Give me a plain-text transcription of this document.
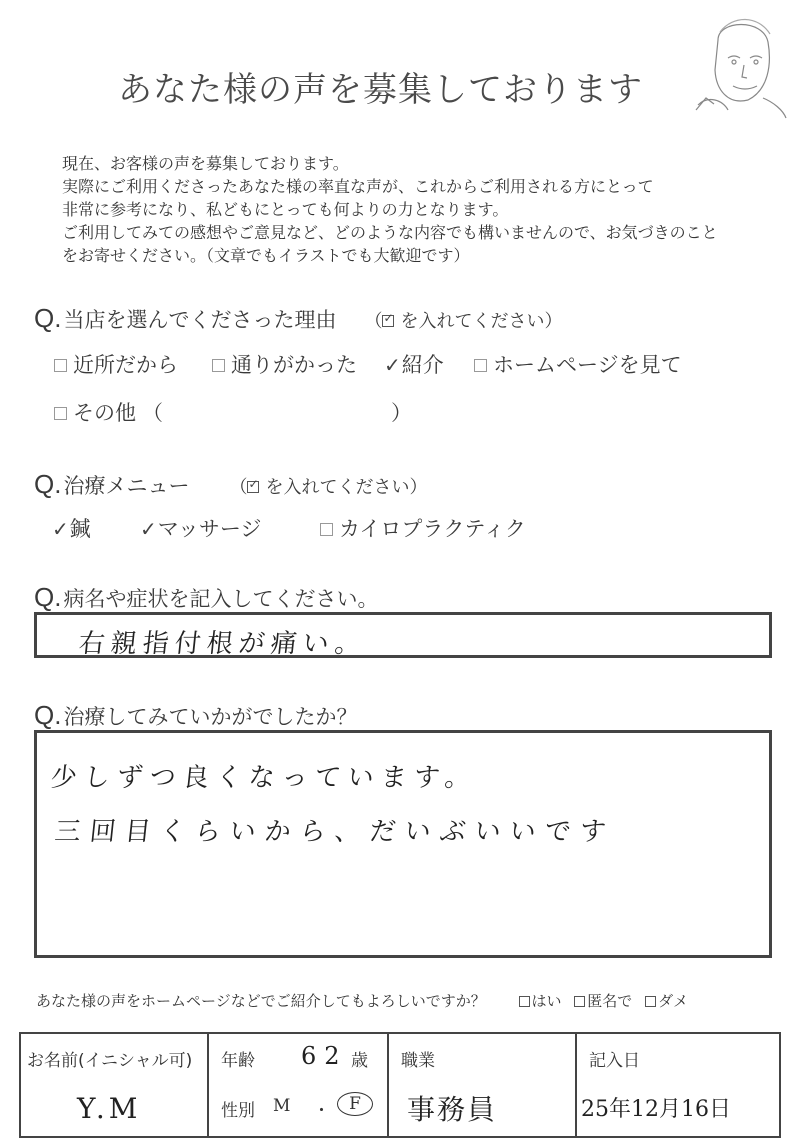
あなた様の声を募集しております
現在、お客様の声を募集しております。
実際にご利用くださったあなた様の率直な声が、これからご利用される方にとって
非常に参考になり、私どもにとっても何よりの力となります。
ご利用してみての感想やご意見など、どのような内容でも構いませんので、お気づきのこと
をお寄せください。（文章でもイラストでも大歓迎です）
Q.当店を選んでくださった理由 （ ✓ を入れてください）
近所だから	通りがかった ✓紹介	ホームページを見て
その他 （	）
Q.治療メニュー （ ✓ を入れてください）
✓鍼 ✓マッサージ	カイロプラクティク
Q.病名や症状を記入してください。
右親指付根が痛い。
Q.治療してみていかがでしたか？
少しずつ良くなっています。
三回目くらいから、だいぶいいです
あなた様の声をホームページなどでご紹介してもよろしいですか？	はい 匿名で ダメ
お名前(イニシャル可)
Y.M

年齢 62 歳
性別 M ・	F

職業
事務員

記入日
25年12月16日
